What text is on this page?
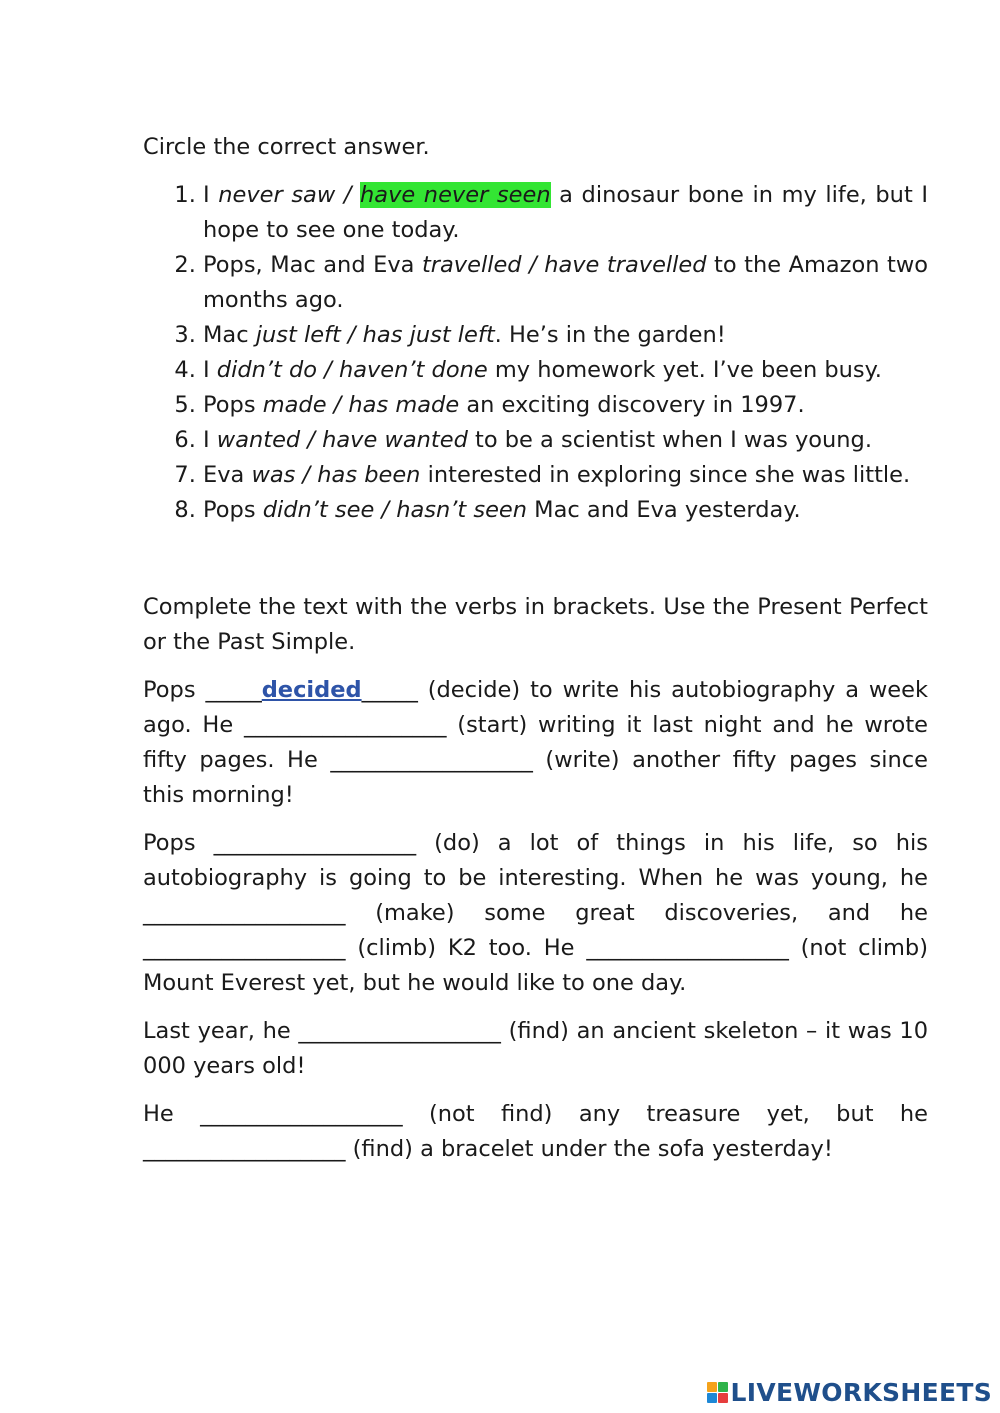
Circle the correct answer.

1. I never saw / have never seen a dinosaur bone in my life, but I hope to see one today.
2. Pops, Mac and Eva travelled / have travelled to the Amazon two months ago.
3. Mac just left / has just left. He’s in the garden!
4. I didn’t do / haven’t done my homework yet. I’ve been busy.
5. Pops made / has made an exciting discovery in 1997.
6. I wanted / have wanted to be a scientist when I was young.
7. Eva was / has been interested in exploring since she was little.
8. Pops didn’t see / hasn’t seen Mac and Eva yesterday.

Complete the text with the verbs in brackets. Use the Present Perfect or the Past Simple.

Pops _____decided_____ (decide) to write his autobiography a week ago. He __________________ (start) writing it last night and he wrote fifty pages. He __________________ (write) another fifty pages since this morning!

Pops __________________ (do) a lot of things in his life, so his autobiography is going to be interesting. When he was young, he __________________ (make) some great discoveries, and he __________________ (climb) K2 too. He __________________ (not climb) Mount Everest yet, but he would like to one day.

Last year, he __________________ (find) an ancient skeleton – it was 10 000 years old!

He __________________ (not find) any treasure yet, but he __________________ (find) a bracelet under the sofa yesterday!

LIVEWORKSHEETS
